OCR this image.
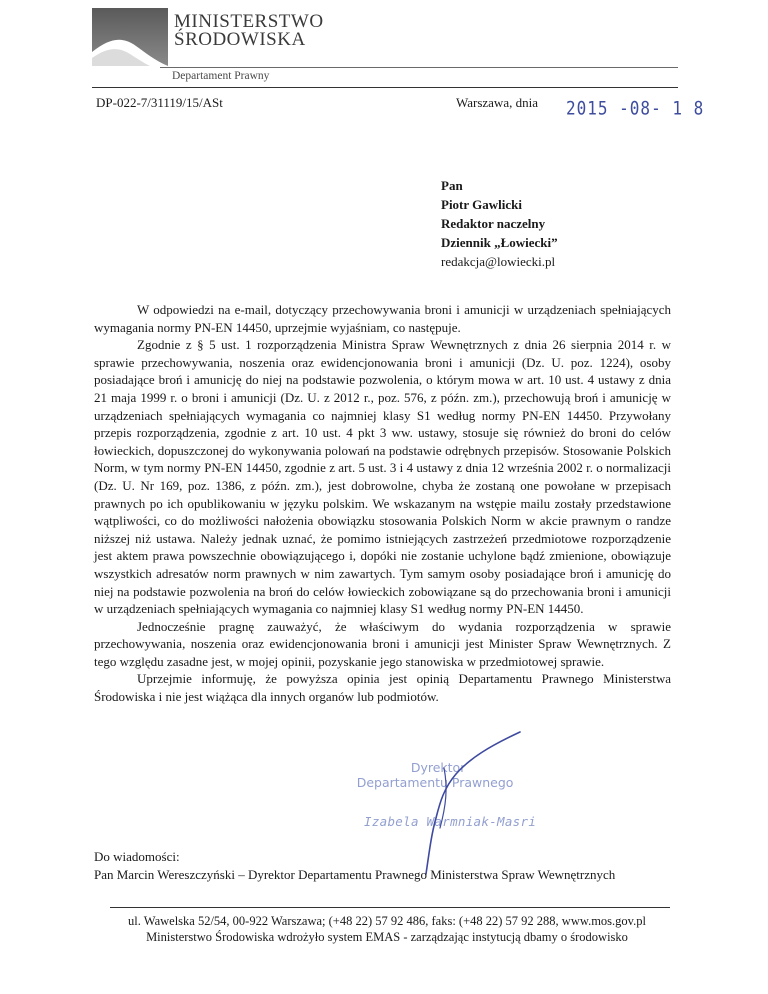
MINISTERSTWO
ŚRODOWISKA
Departament Prawny
DP-022-7/31119/15/ASt	Warszawa, dnia 2015 -08- 1 8
Pan
Piotr Gawlicki
Redaktor naczelny
Dziennik „Łowiecki”
redakcja@lowiecki.pl

W odpowiedzi na e-mail, dotyczący przechowywania broni i amunicji w urządzeniach spełniających wymagania normy PN-EN 14450, uprzejmie wyjaśniam, co następuje.

Zgodnie z § 5 ust. 1 rozporządzenia Ministra Spraw Wewnętrznych z dnia 26 sierpnia 2014 r. w sprawie przechowywania, noszenia oraz ewidencjonowania broni i amunicji (Dz. U. poz. 1224), osoby posiadające broń i amunicję do niej na podstawie pozwolenia, o którym mowa w art. 10 ust. 4 ustawy z dnia 21 maja 1999 r. o broni i amunicji (Dz. U. z 2012 r., poz. 576, z późn. zm.), przechowują broń i amunicję w urządzeniach spełniających wymagania co najmniej klasy S1 według normy PN-EN 14450. Przywołany przepis rozporządzenia, zgodnie z art. 10 ust. 4 pkt 3 ww. ustawy, stosuje się również do broni do celów łowieckich, dopuszczonej do wykonywania polowań na podstawie odrębnych przepisów. Stosowanie Polskich Norm, w tym normy PN-EN 14450, zgodnie z art. 5 ust. 3 i 4 ustawy z dnia 12 września 2002 r. o normalizacji (Dz. U. Nr 169, poz. 1386, z późn. zm.), jest dobrowolne, chyba że zostaną one powołane w przepisach prawnych po ich opublikowaniu w języku polskim. We wskazanym na wstępie mailu zostały przedstawione wątpliwości, co do możliwości nałożenia obowiązku stosowania Polskich Norm w akcie prawnym o randze niższej niż ustawa. Należy jednak uznać, że pomimo istniejących zastrzeżeń przedmiotowe rozporządzenie jest aktem prawa powszechnie obowiązującego i, dopóki nie zostanie uchylone bądź zmienione, obowiązuje wszystkich adresatów norm prawnych w nim zawartych. Tym samym osoby posiadające broń i amunicję do niej na podstawie pozwolenia na broń do celów łowieckich zobowiązane są do przechowania broni i amunicji w urządzeniach spełniających wymagania co najmniej klasy S1 według normy PN-EN 14450.

Jednocześnie pragnę zauważyć, że właściwym do wydania rozporządzenia w sprawie przechowywania, noszenia oraz ewidencjonowania broni i amunicji jest Minister Spraw Wewnętrznych. Z tego względu zasadne jest, w mojej opinii, pozyskanie jego stanowiska w przedmiotowej sprawie.

Uprzejmie informuję, że powyższa opinia jest opinią Departamentu Prawnego Ministerstwa Środowiska i nie jest wiążąca dla innych organów lub podmiotów.

Dyrektor
Departamentu Prawnego
Izabela Warmniak-Masri
Do wiadomości:
Pan Marcin Wereszczyński – Dyrektor Departamentu Prawnego Ministerstwa Spraw Wewnętrznych
ul. Wawelska 52/54, 00-922 Warszawa; (+48 22) 57 92 486, faks: (+48 22) 57 92 288, www.mos.gov.pl
Ministerstwo Środowiska wdrożyło system EMAS - zarządzając instytucją dbamy o środowisko
